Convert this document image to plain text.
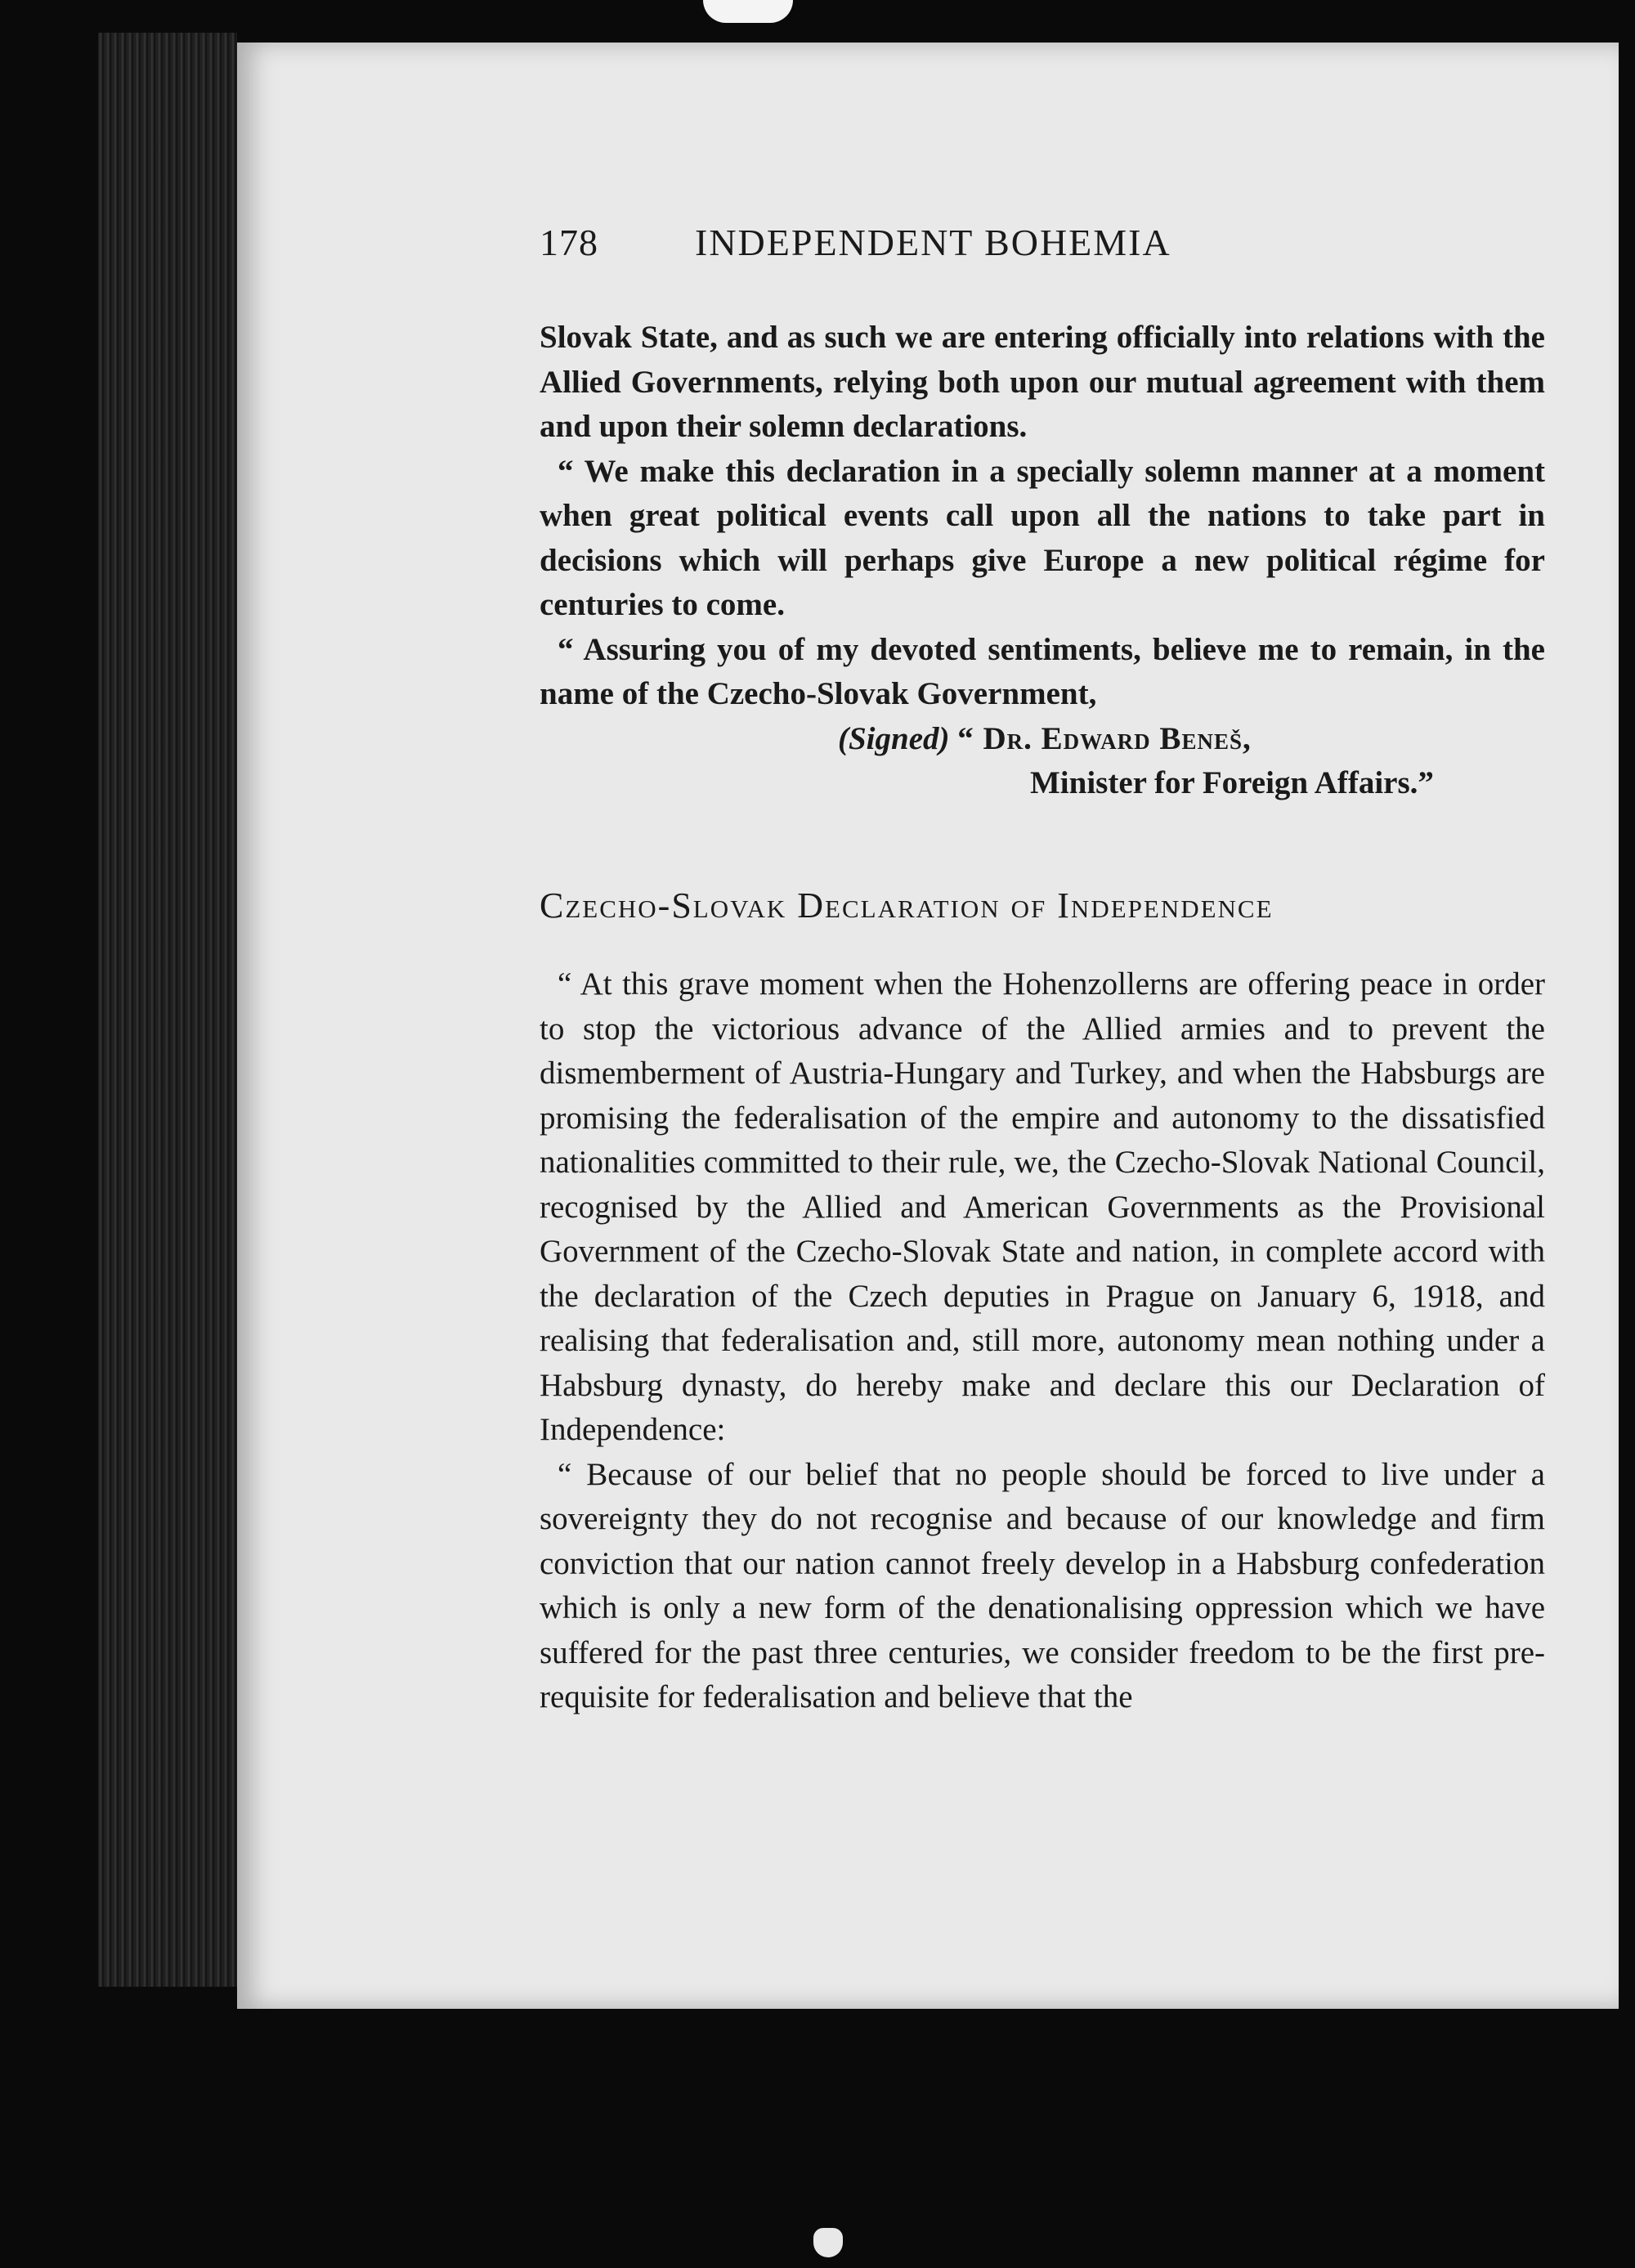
178	INDEPENDENT BOHEMIA

Slovak State, and as such we are entering officially into relations with the Allied Governments, relying both upon our mutual agreement with them and upon their solemn declarations.

“ We make this declaration in a specially solemn manner at a moment when great political events call upon all the nations to take part in decisions which will perhaps give Europe a new political régime for centuries to come.

“ Assuring you of my devoted sentiments, believe me to remain, in the name of the Czecho-Slovak Government,

(Signed) “ Dr. Edward Beneš,
Minister for Foreign Affairs.”
Czecho-Slovak Declaration of Independence

“ At this grave moment when the Hohenzollerns are offering peace in order to stop the victorious advance of the Allied armies and to prevent the dismemberment of Austria-Hungary and Turkey, and when the Habsburgs are promising the federalisation of the empire and autonomy to the dissatisfied nationalities committed to their rule, we, the Czecho-Slovak National Council, recognised by the Allied and American Governments as the Provisional Government of the Czecho-Slovak State and nation, in complete accord with the declaration of the Czech deputies in Prague on January 6, 1918, and realising that federalisation and, still more, autonomy mean nothing under a Habsburg dynasty, do hereby make and declare this our Declaration of Independence:

“ Because of our belief that no people should be forced to live under a sovereignty they do not recognise and because of our knowledge and firm conviction that our nation cannot freely develop in a Habsburg confederation which is only a new form of the denationalising oppression which we have suffered for the past three centuries, we consider freedom to be the first pre-requisite for federalisation and believe that the
